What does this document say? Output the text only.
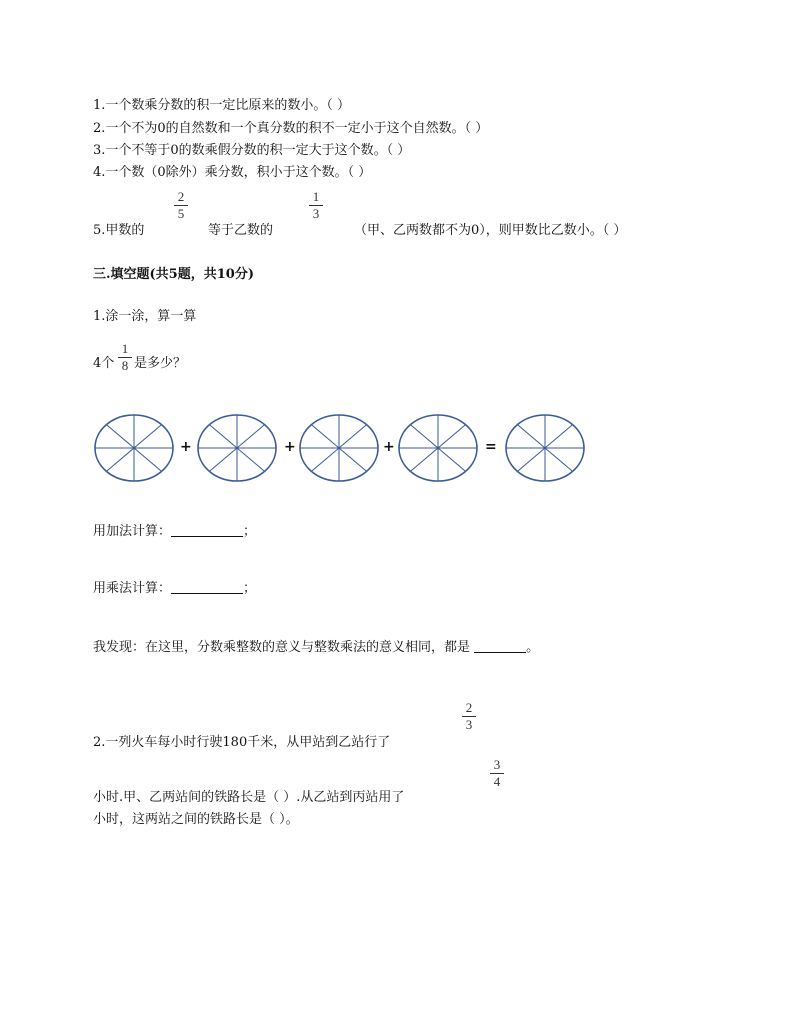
1.一个数乘分数的积一定比原来的数小。（ ）
2.一个不为0的自然数和一个真分数的积不一定小于这个自然数。（ ）
3.一个不等于0的数乘假分数的积一定大于这个数。（ ）
4.一个数（0除外）乘分数，积小于这个数。（ ）
5.甲数的
2
5
等于乙数的
1
3
（甲、乙两数都不为0），则甲数比乙数小。（ ）
三.填空题(共5题，共10分)
1.涂一涂，算一算
4个
1
8 是多少？
+	+	+	=
用加法计算：	；
用乘法计算：	；
我发现：在这里，分数乘整数的意义与整数乘法的意义相同，都是	。
2
3
2.一列火车每小时行驶180千米，从甲站到乙站行了
3
4
小时.甲、乙两站间的铁路长是（ ）.从乙站到丙站用了
小时，这两站之间的铁路长是（ ）。
